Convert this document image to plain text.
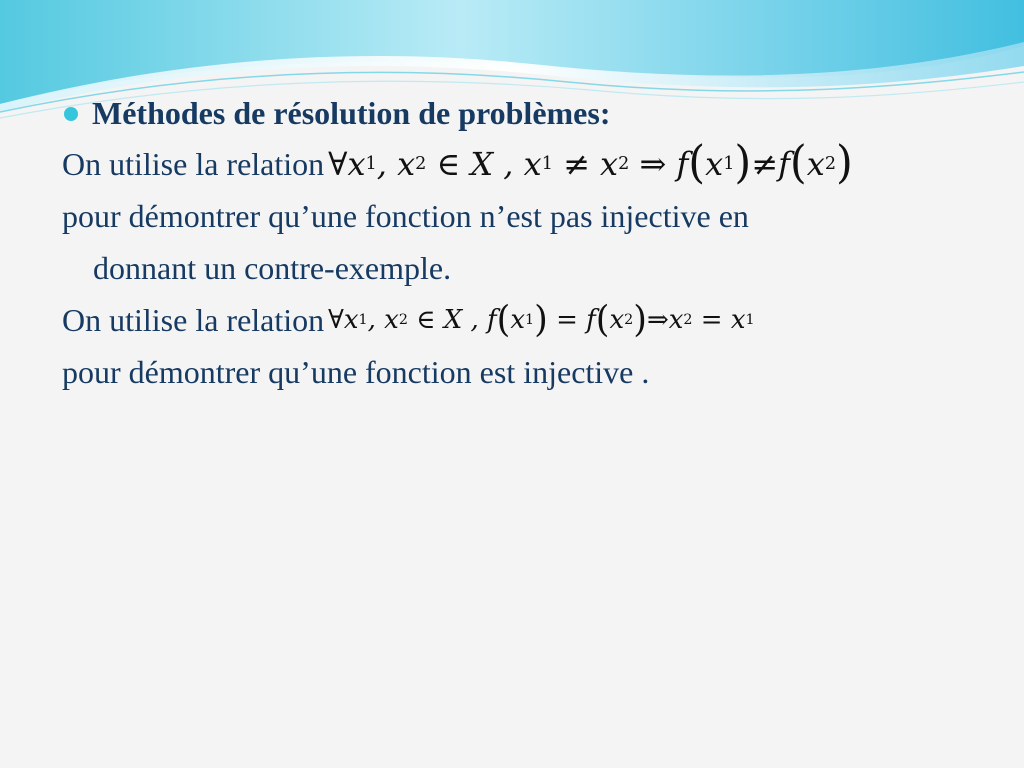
Méthodes de résolution de problèmes:
On utilise la relation ∀ x 1 , x 2 ∈ X , x 1 ≠ x 2 ⇒ f ( x 1 ) ≠ f ( x 2 )
pour démontrer qu’une fonction n’est pas injective en
donnant un contre-exemple.
On utilise la relation ∀ x 1 , x 2 ∈ X , f ( x 1 ) = f ( x 2 ) ⇒ x 2 = x 1
pour démontrer qu’une fonction est injective .
